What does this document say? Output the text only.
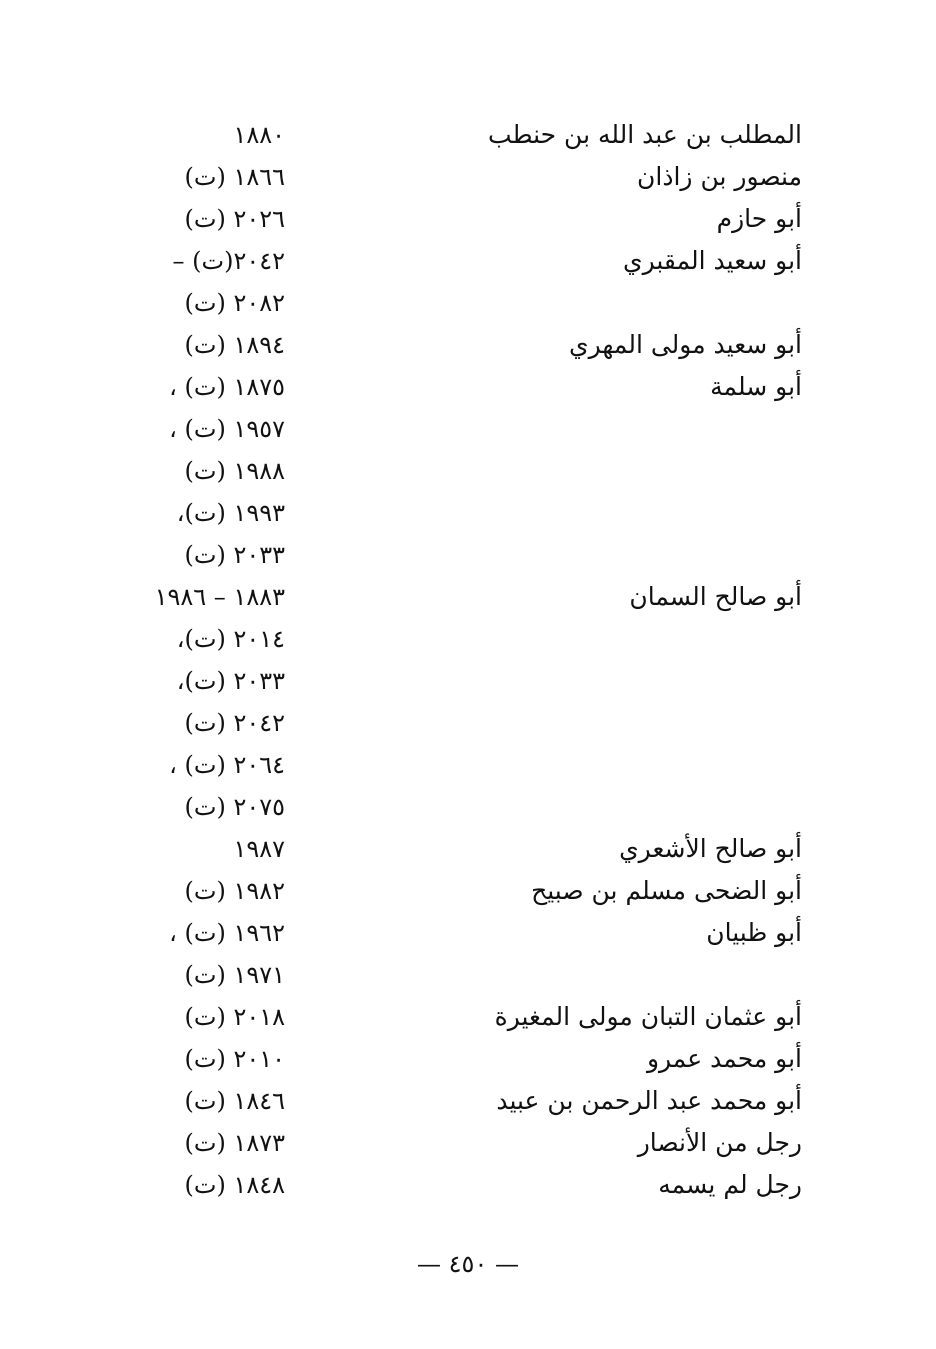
المطلب بن عبد الله بن حنطب
١٨٨٠
منصور بن زاذان
١٨٦٦ (ت)
أبو حازم
٢٠٢٦ (ت)
أبو سعيد المقبري
٢٠٤٢(ت) –
٢٠٨٢ (ت)
أبو سعيد مولى المهري
١٨٩٤ (ت)
أبو سلمة
١٨٧٥ (ت) ،
١٩٥٧ (ت) ،
١٩٨٨ (ت)
١٩٩٣ (ت)،
٢٠٣٣ (ت)
أبو صالح السمان
١٨٨٣ – ١٩٨٦
٢٠١٤ (ت)،
٢٠٣٣ (ت)،
٢٠٤٢ (ت)
٢٠٦٤ (ت) ،
٢٠٧٥ (ت)
أبو صالح الأشعري
١٩٨٧
أبو الضحى مسلم بن صبيح
١٩٨٢ (ت)
أبو ظبيان
١٩٦٢ (ت) ،
١٩٧١ (ت)
أبو عثمان التبان مولى المغيرة
٢٠١٨ (ت)
أبو محمد عمرو
٢٠١٠ (ت)
أبو محمد عبد الرحمن بن عبيد
١٨٤٦ (ت)
رجل من الأنصار
١٨٧٣ (ت)
رجل لم يسمه
١٨٤٨ (ت)
— ٤٥٠ —
